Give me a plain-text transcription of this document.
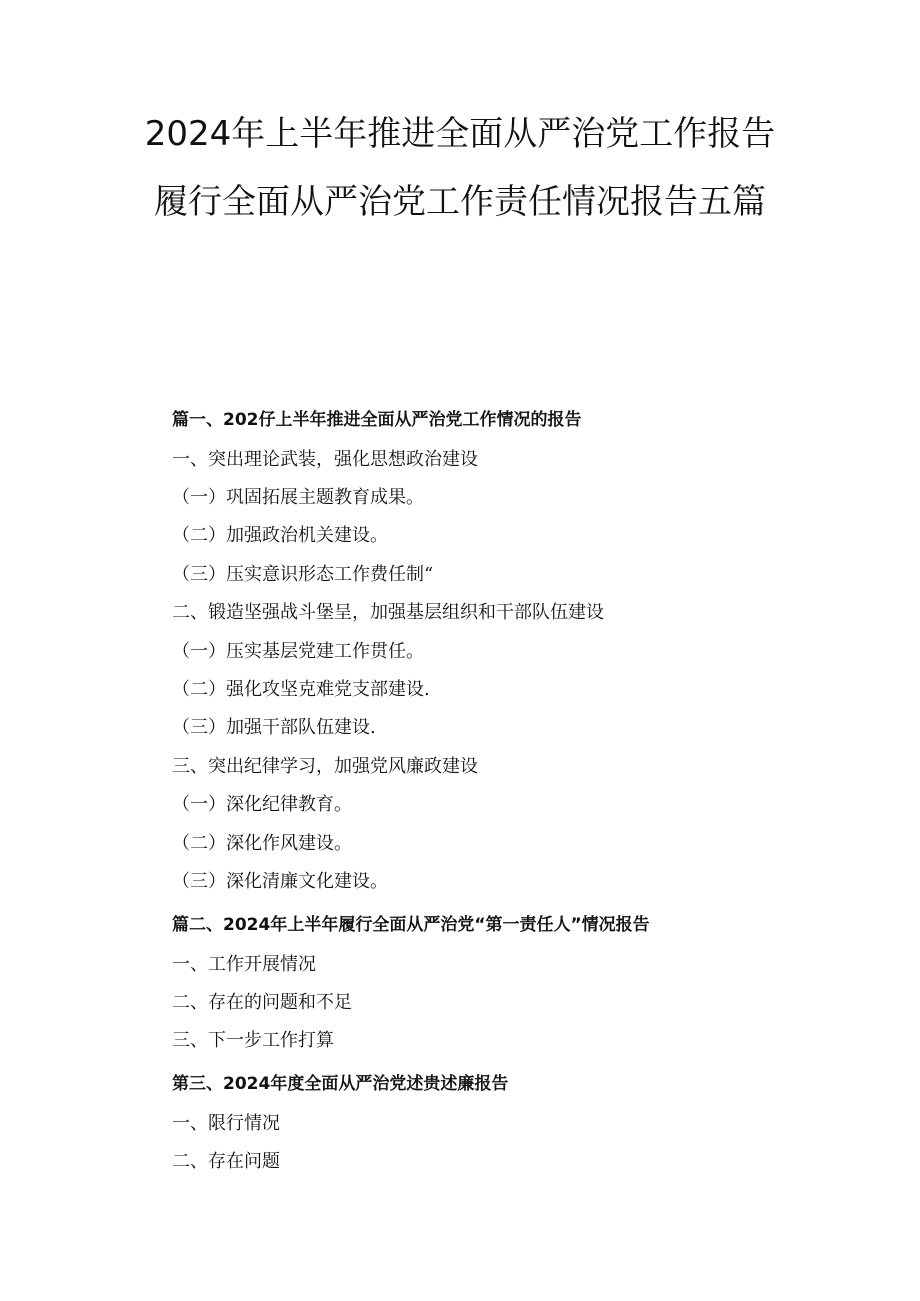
2024年上半年推进全面从严治党工作报告
履行全面从严治党工作责任情况报告五篇
篇一、202仔上半年推进全面从严治党工作情况的报告
一、突出理论武装，强化思想政治建设
（一）巩固拓展主题教育成果。
（二）加强政治机关建设。
（三）压实意识形态工作费任制“
二、锻造坚强战斗堡呈，加强基层组织和干部队伍建设
（一）压实基层党建工作贯任。
（二）强化攻坚克难党支部建设.
（三）加强干部队伍建设.
三、突出纪律学习，加强党风廉政建设
（一）深化纪律教育。
（二）深化作风建设。
（三）深化清廉文化建设。
篇二、2024年上半年履行全面从严治党“第一责任人”情况报告
一、工作开展情况
二、存在的问题和不足
三、下一步工作打算
第三、2024年度全面从严治党述贵述廉报告
一、限行情况
二、存在问题
